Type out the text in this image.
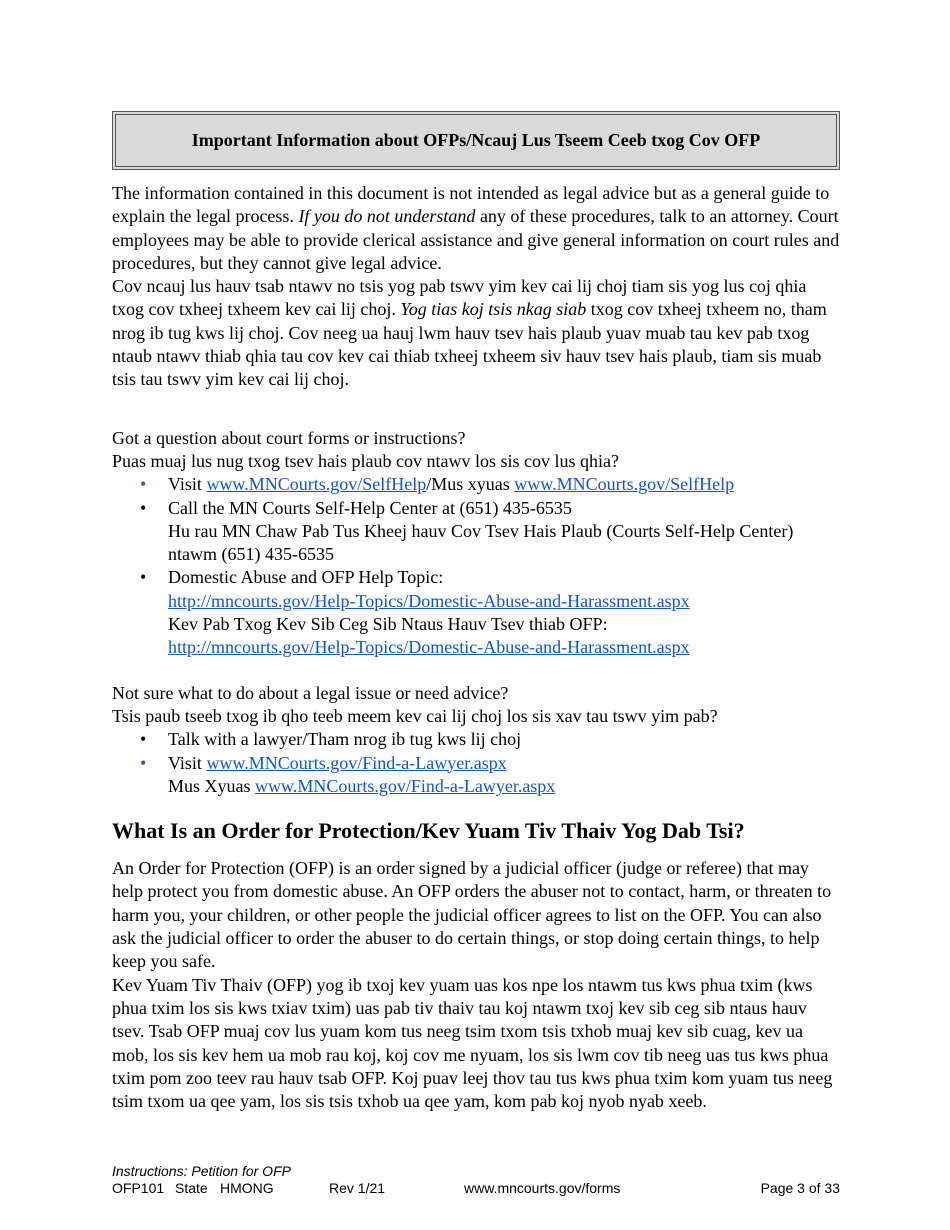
Important Information about OFPs/Ncauj Lus Tseem Ceeb txog Cov OFP

The information contained in this document is not intended as legal advice but as a general guide to explain the legal process. If you do not understand any of these procedures, talk to an attorney. Court employees may be able to provide clerical assistance and give general information on court rules and procedures, but they cannot give legal advice.

Cov ncauj lus hauv tsab ntawv no tsis yog pab tswv yim kev cai lij choj tiam sis yog lus coj qhia txog cov txheej txheem kev cai lij choj. Yog tias koj tsis nkag siab txog cov txheej txheem no, tham nrog ib tug kws lij choj. Cov neeg ua hauj lwm hauv tsev hais plaub yuav muab tau kev pab txog ntaub ntawv thiab qhia tau cov kev cai thiab txheej txheem siv hauv tsev hais plaub, tiam sis muab tsis tau tswv yim kev cai lij choj.

Got a question about court forms or instructions?

Puas muaj lus nug txog tsev hais plaub cov ntawv los sis cov lus qhia?

• Visit www.MNCourts.gov/SelfHelp/Mus xyuas www.MNCourts.gov/SelfHelp
• Call the MN Courts Self-Help Center at (651) 435-6535
Hu rau MN Chaw Pab Tus Kheej hauv Cov Tsev Hais Plaub (Courts Self-Help Center) ntawm (651) 435-6535
• Domestic Abuse and OFP Help Topic:
http://mncourts.gov/Help-Topics/Domestic-Abuse-and-Harassment.aspx
Kev Pab Txog Kev Sib Ceg Sib Ntaus Hauv Tsev thiab OFP:
http://mncourts.gov/Help-Topics/Domestic-Abuse-and-Harassment.aspx

Not sure what to do about a legal issue or need advice?

Tsis paub tseeb txog ib qho teeb meem kev cai lij choj los sis xav tau tswv yim pab?

• Talk with a lawyer/Tham nrog ib tug kws lij choj
• Visit www.MNCourts.gov/Find-a-Lawyer.aspx
Mus Xyuas www.MNCourts.gov/Find-a-Lawyer.aspx
What Is an Order for Protection/Kev Yuam Tiv Thaiv Yog Dab Tsi?

An Order for Protection (OFP) is an order signed by a judicial officer (judge or referee) that may help protect you from domestic abuse. An OFP orders the abuser not to contact, harm, or threaten to harm you, your children, or other people the judicial officer agrees to list on the OFP. You can also ask the judicial officer to order the abuser to do certain things, or stop doing certain things, to help keep you safe.

Kev Yuam Tiv Thaiv (OFP) yog ib txoj kev yuam uas kos npe los ntawm tus kws phua txim (kws phua txim los sis kws txiav txim) uas pab tiv thaiv tau koj ntawm txoj kev sib ceg sib ntaus hauv tsev. Tsab OFP muaj cov lus yuam kom tus neeg tsim txom tsis txhob muaj kev sib cuag, kev ua mob, los sis kev hem ua mob rau koj, koj cov me nyuam, los sis lwm cov tib neeg uas tus kws phua txim pom zoo teev rau hauv tsab OFP. Koj puav leej thov tau tus kws phua txim kom yuam tus neeg tsim txom ua qee yam, los sis tsis txhob ua qee yam, kom pab koj nyob nyab xeeb.

Instructions: Petition for OFP
OFP101 State HMONG	Rev 1/21	www.mncourts.gov/forms	Page 3 of 33
